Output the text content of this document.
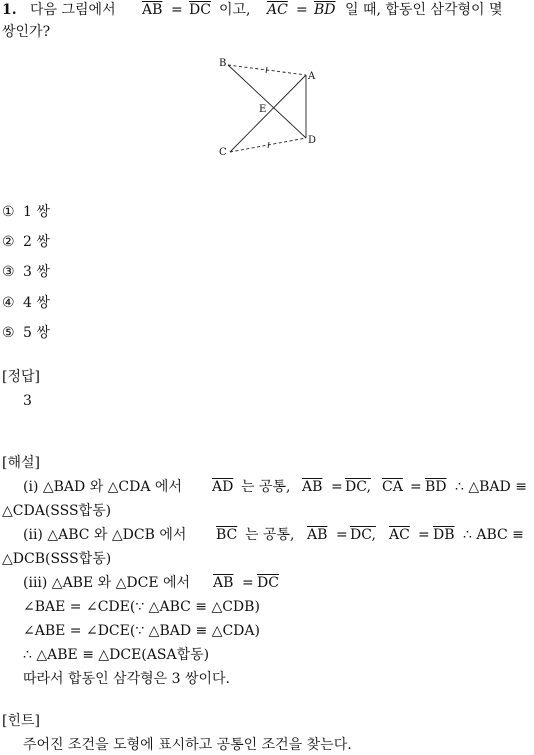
1. 다음 그림에서 $\overline{AB} = \overline{DC}$ 이고, $\overline{AC} = \overline{BD}$ 일 때, 합동인 삼각형이 몇
쌍인가?
B
A
E
C
D
① 1 쌍
② 2 쌍
③ 3 쌍
④ 4 쌍
⑤ 5 쌍
[정답]
3
[해설]
(i) △BAD 와 △CDA 에서 $\overline{AD}$ 는 공통, $\overline{AB}$ = DC, $\overline{CA} = \overline{BD}$ ∴ △BAD ≡
△CDA(SSS합동)
(ii) △ABC 와 △DCB 에서 $\overline{BC}$ 는 공통, $\overline{AB}$ = DC, $\overline{AC} = \overline{DB}$ ∴ ABC ≡
△DCB(SSS합동)
(iii) △ABE 와 △DCE 에서 $\overline{AB} = \overline{DC}$
∠BAE = ∠CDE(∵ △ABC ≡ △CDB)
∠ABE = ∠DCE(∵ △BAD ≡ △CDA)
∴ △ABE ≡ △DCE(ASA합동)
따라서 합동인 삼각형은 3 쌍이다.
[힌트]
주어진 조건을 도형에 표시하고 공통인 조건을 찾는다.
